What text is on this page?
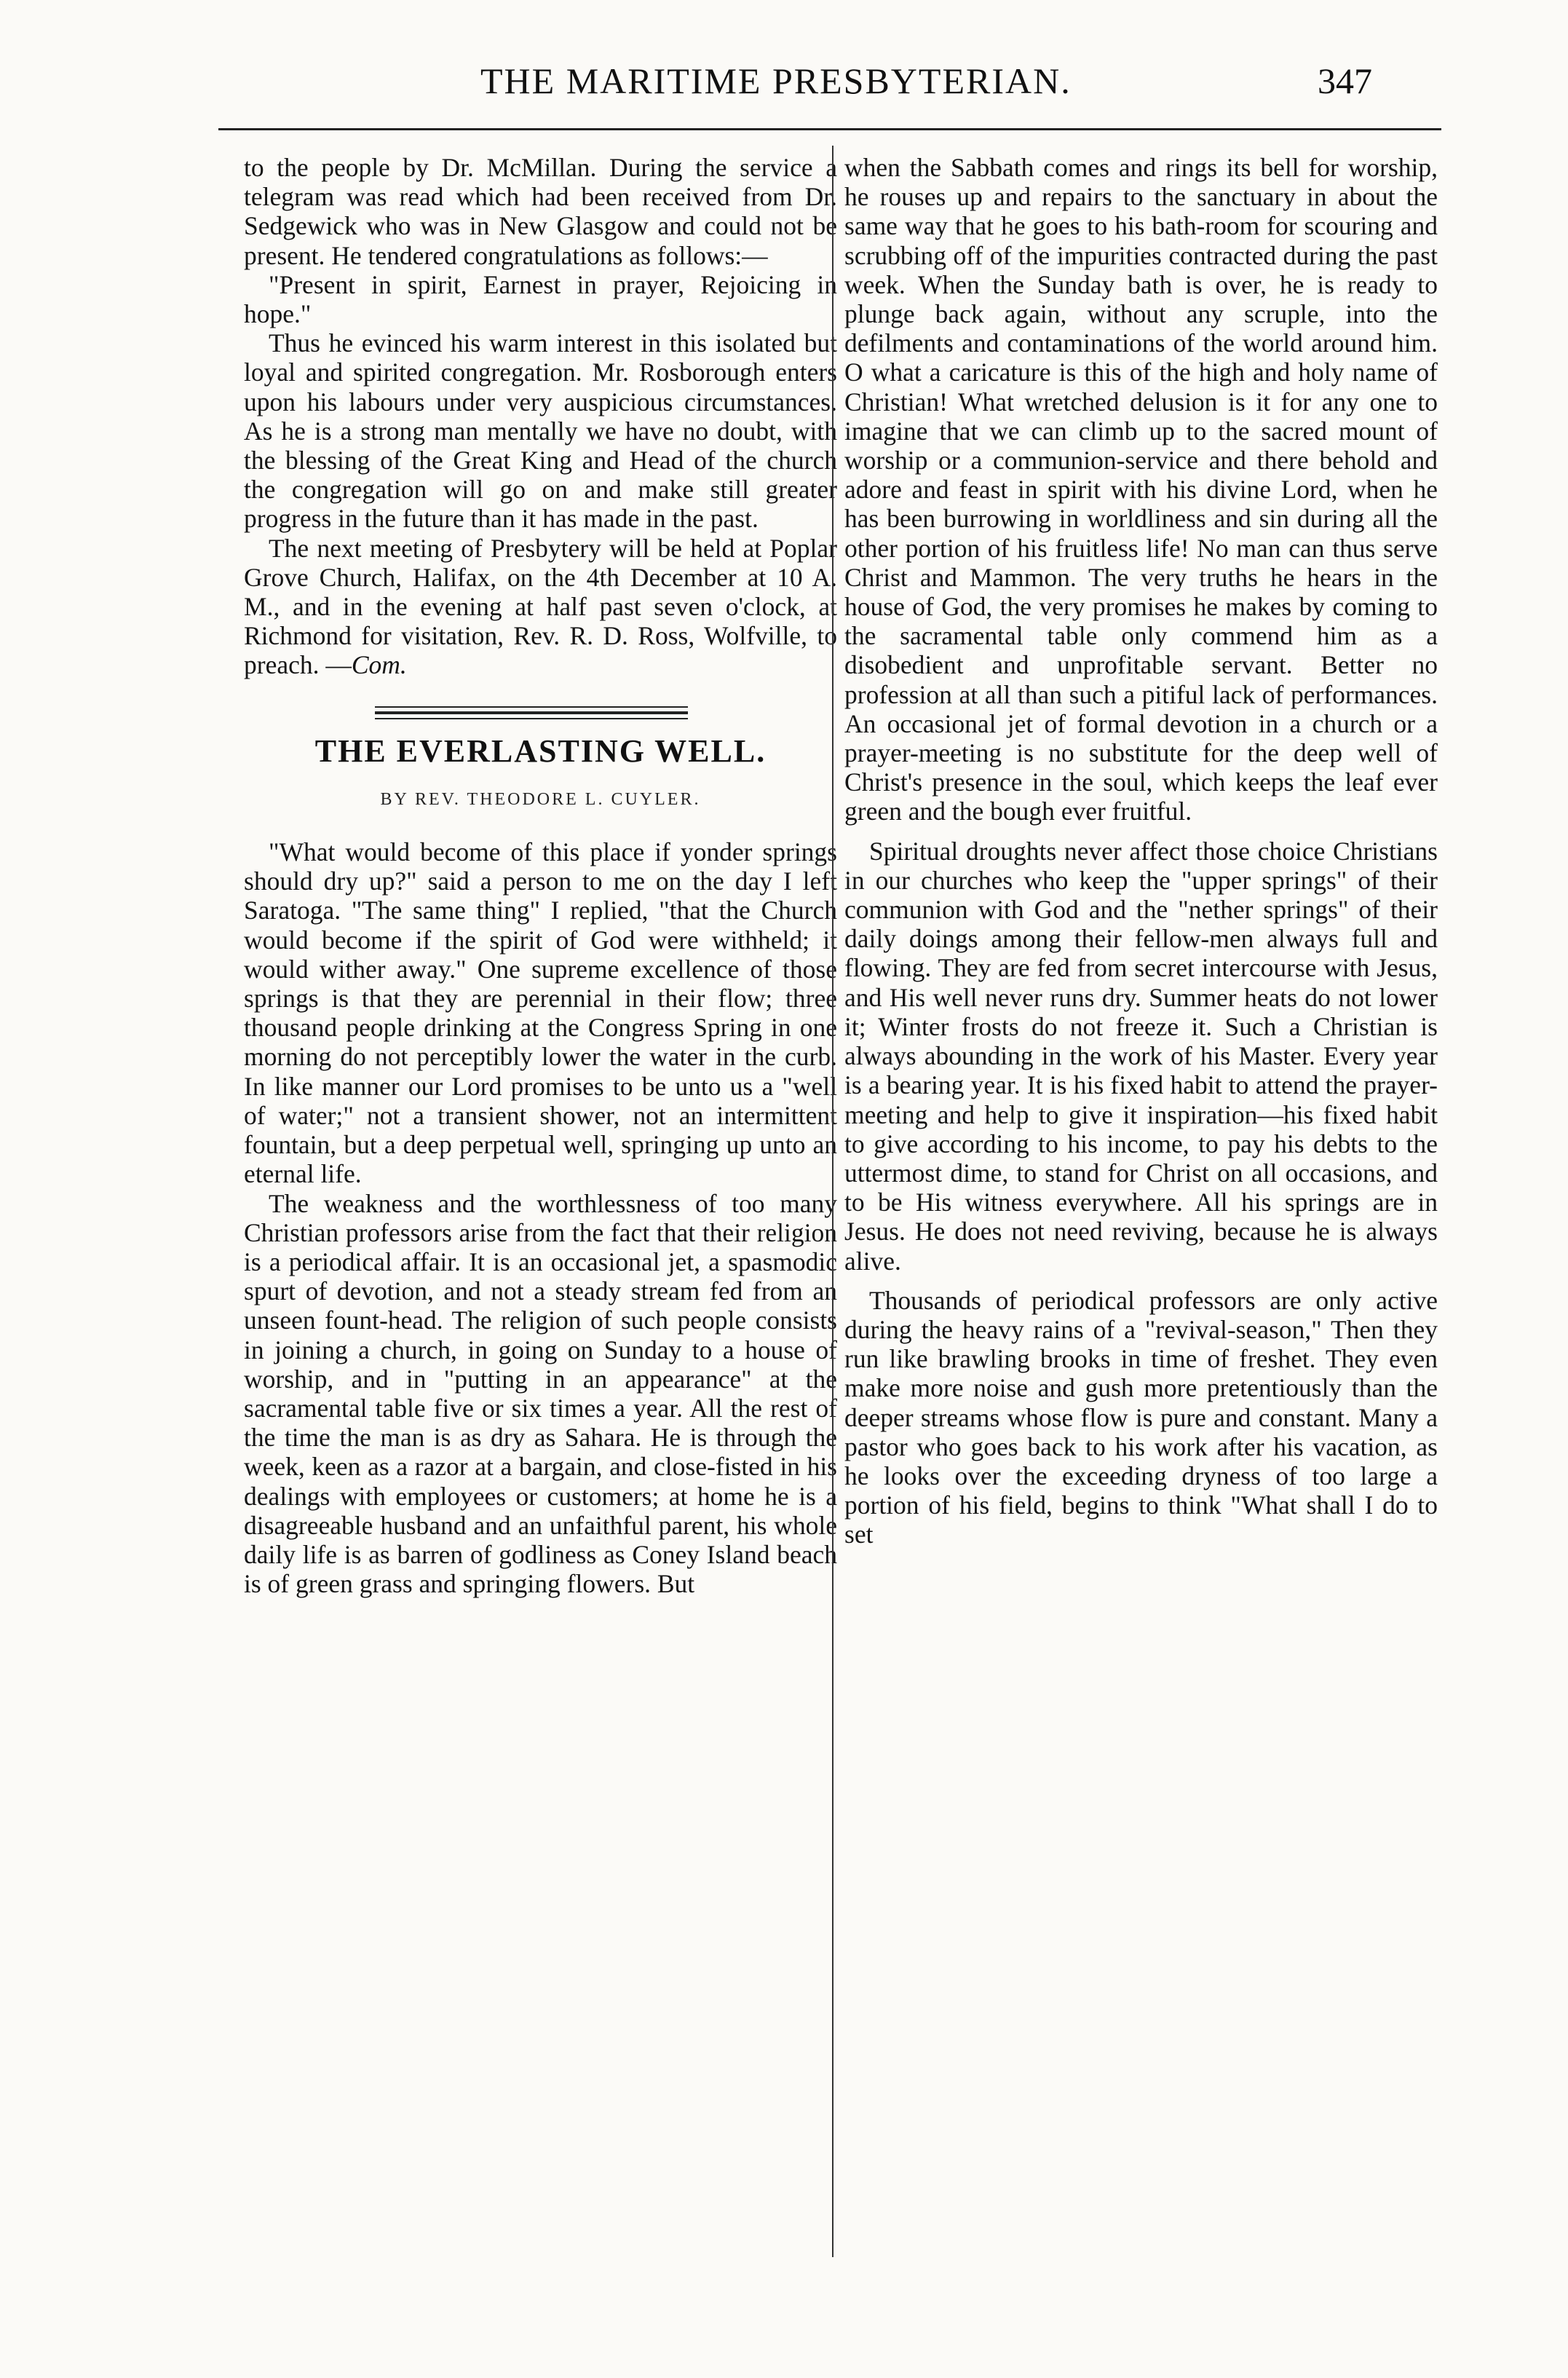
THE MARITIME PRESBYTERIAN.	347

to the people by Dr. McMillan. During the service a telegram was read which had been received from Dr. Sedgewick who was in New Glasgow and could not be present. He tendered congratulations as follows:—

"Present in spirit, Earnest in prayer, Rejoicing in hope."

Thus he evinced his warm interest in this isolated but loyal and spirited congregation. Mr. Rosborough enters upon his labours under very auspicious circumstances. As he is a strong man mentally we have no doubt, with the blessing of the Great King and Head of the church the congregation will go on and make still greater progress in the future than it has made in the past.

The next meeting of Presbytery will be held at Poplar Grove Church, Halifax, on the 4th December at 10 A. M., and in the evening at half past seven o'clock, at Richmond for visitation, Rev. R. D. Ross, Wolfville, to preach. —Com.

THE EVERLASTING WELL.
BY REV. THEODORE L. CUYLER.

"What would become of this place if yonder springs should dry up?" said a person to me on the day I left Saratoga. "The same thing" I replied, "that the Church would become if the spirit of God were withheld; it would wither away." One supreme excellence of those springs is that they are perennial in their flow; three thousand people drinking at the Congress Spring in one morning do not perceptibly lower the water in the curb. In like manner our Lord promises to be unto us a "well of water;" not a transient shower, not an intermittent fountain, but a deep perpetual well, springing up unto an eternal life.

The weakness and the worthlessness of too many Christian professors arise from the fact that their religion is a periodical affair. It is an occasional jet, a spasmodic spurt of devotion, and not a steady stream fed from an unseen fount-head. The religion of such people consists in joining a church, in going on Sunday to a house of worship, and in "putting in an appearance" at the sacramental table five or six times a year. All the rest of the time the man is as dry as Sahara. He is through the week, keen as a razor at a bargain, and close-fisted in his dealings with employees or customers; at home he is a disagreeable husband and an unfaithful parent, his whole daily life is as barren of godliness as Coney Island beach is of green grass and springing flowers. But

when the Sabbath comes and rings its bell for worship, he rouses up and repairs to the sanctuary in about the same way that he goes to his bath-room for scouring and scrubbing off of the impurities contracted during the past week. When the Sunday bath is over, he is ready to plunge back again, without any scruple, into the defilments and contaminations of the world around him. O what a caricature is this of the high and holy name of Christian! What wretched delusion is it for any one to imagine that we can climb up to the sacred mount of worship or a communion-service and there behold and adore and feast in spirit with his divine Lord, when he has been burrowing in worldliness and sin during all the other portion of his fruitless life! No man can thus serve Christ and Mammon. The very truths he hears in the house of God, the very promises he makes by coming to the sacramental table only commend him as a disobedient and unprofitable servant. Better no profession at all than such a pitiful lack of performances. An occasional jet of formal devotion in a church or a prayer-meeting is no substitute for the deep well of Christ's presence in the soul, which keeps the leaf ever green and the bough ever fruitful.

Spiritual droughts never affect those choice Christians in our churches who keep the "upper springs" of their communion with God and the "nether springs" of their daily doings among their fellow-men always full and flowing. They are fed from secret intercourse with Jesus, and His well never runs dry. Summer heats do not lower it; Winter frosts do not freeze it. Such a Christian is always abounding in the work of his Master. Every year is a bearing year. It is his fixed habit to attend the prayer-meeting and help to give it inspiration—his fixed habit to give according to his income, to pay his debts to the uttermost dime, to stand for Christ on all occasions, and to be His witness everywhere. All his springs are in Jesus. He does not need reviving, because he is always alive.

Thousands of periodical professors are only active during the heavy rains of a "revival-season," Then they run like brawling brooks in time of freshet. They even make more noise and gush more pretentiously than the deeper streams whose flow is pure and constant. Many a pastor who goes back to his work after his vacation, as he looks over the exceeding dryness of too large a portion of his field, begins to think "What shall I do to set
